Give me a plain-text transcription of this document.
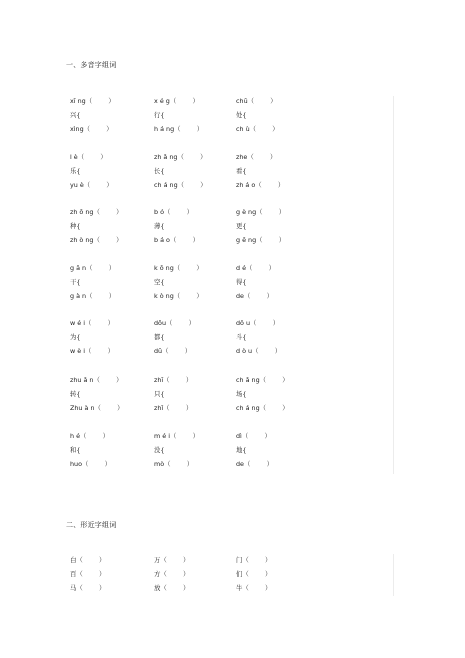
一、多音字组词
二、形近字组词
xī ng（        ）	x é g（        ）	chū（        ）
兴{	行{	处{
xìng（        ）	h á ng（        ）	ch ù（        ）
l è（        ）	zh ǎ ng（        ）	zhe（        ）
乐{	长{	看{
yu è（        ）	ch á ng（        ）	zh á o（        ）
zh ō ng（        ）	b ó（        ）	g è ng（        ）
种{	薄{	更{
zh ò ng（        ）	b á o（        ）	g ē ng（        ）
g ā n（        ）	k ō ng（        ）	d é（        ）
干{	空{	得{
g à n（        ）	k ò ng（        ）	de（        ）
w é i（        ）	dōu（        ）	dǒ u（        ）
为{	都{	斗{
w è i（        ）	dū（        ）	d ò u（        ）
zhu ǎ n（        ）	zhī（        ）	ch ǎ ng（        ）
转{	只{	场{
Zhu à n（        ）	zhǐ（        ）	ch á ng（        ）
h é（        ）	m é i（        ）	dì（        ）
和{	没{	地{
huo（        ）	mò（        ）	de（        ）
白（        ）	万（        ）	门（        ）
百（        ）	方（        ）	们（        ）
马（        ）	放（        ）	牛（        ）
